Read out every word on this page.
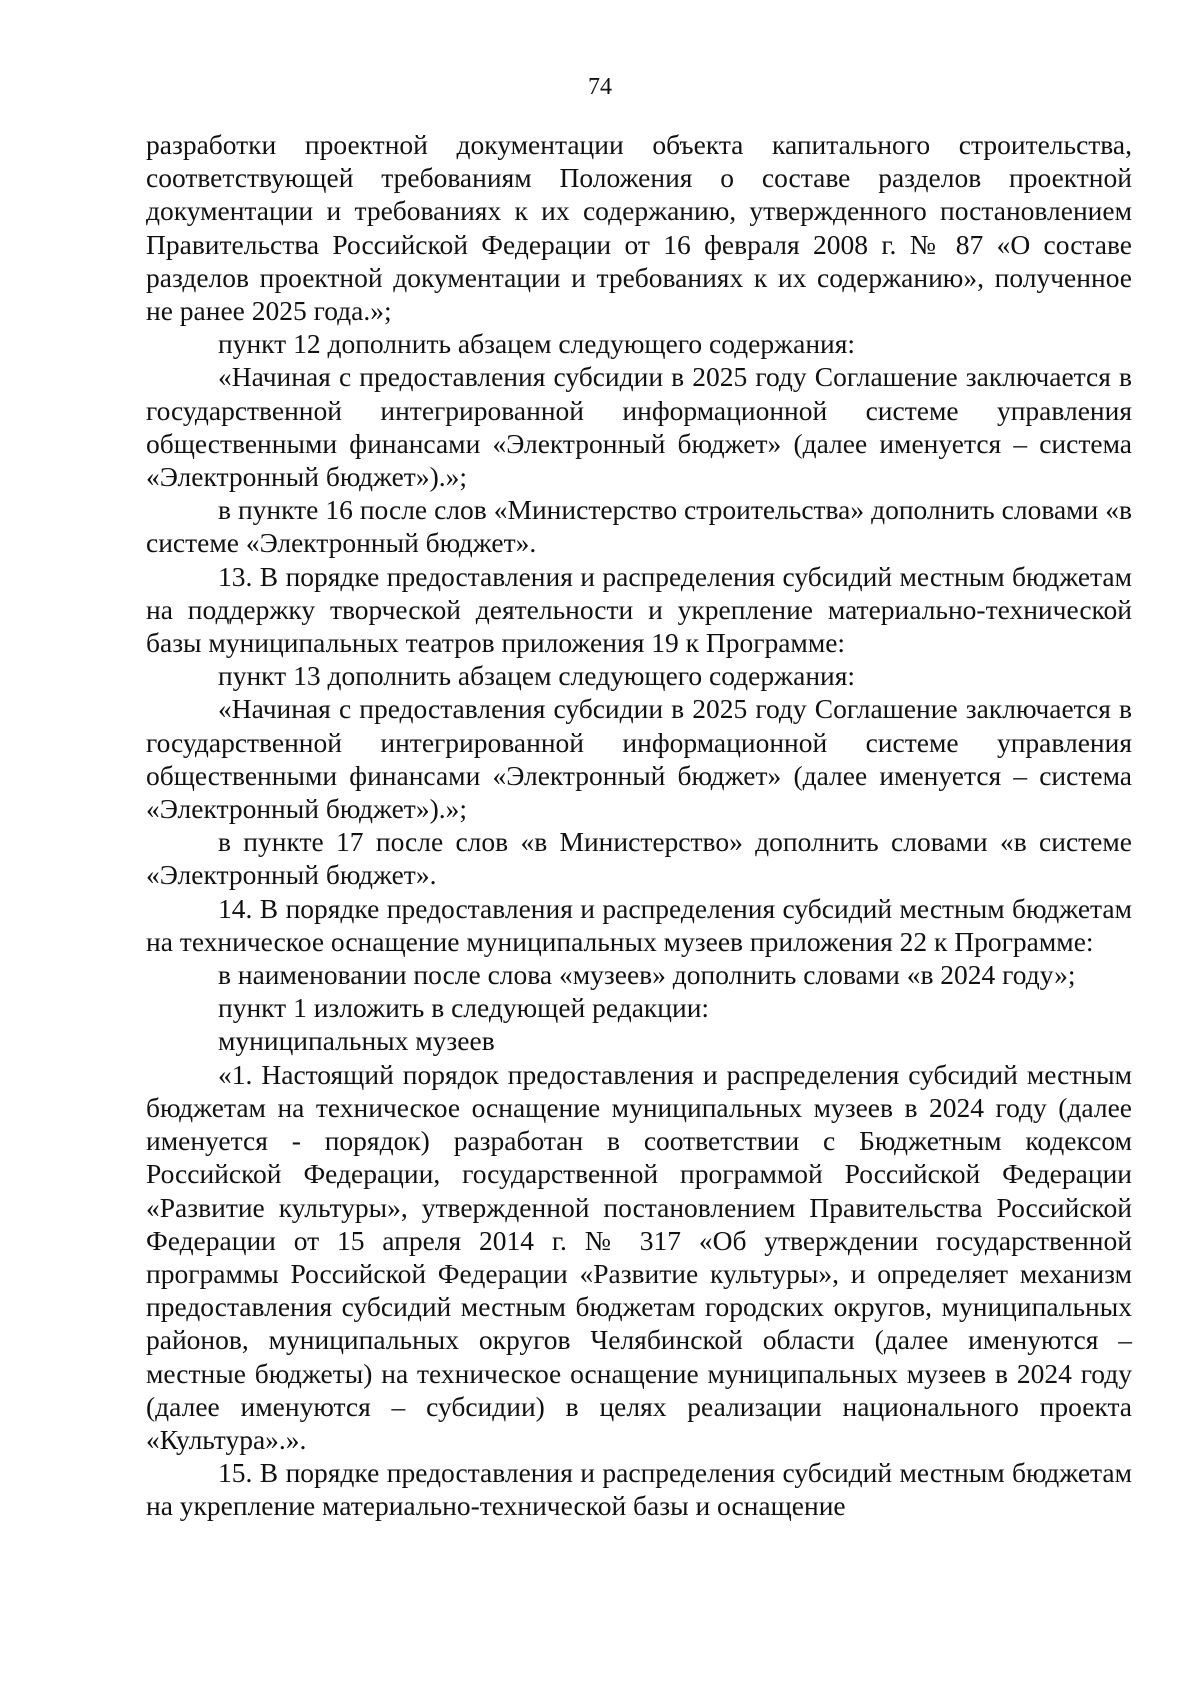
74

разработки проектной документации объекта капитального строительства, соответствующей требованиям Положения о составе разделов проектной документации и требованиях к их содержанию, утвержденного постановлением Правительства Российской Федерации от 16 февраля 2008 г. № 87 «О составе разделов проектной документации и требованиях к их содержанию», полученное не ранее 2025 года.»;

пункт 12 дополнить абзацем следующего содержания:

«Начиная с предоставления субсидии в 2025 году Соглашение заключается в государственной интегрированной информационной системе управления общественными финансами «Электронный бюджет» (далее именуется – система «Электронный бюджет»).»;

в пункте 16 после слов «Министерство строительства» дополнить словами «в системе «Электронный бюджет».

13. В порядке предоставления и распределения субсидий местным бюджетам на поддержку творческой деятельности и укрепление материально-технической базы муниципальных театров приложения 19 к Программе:

пункт 13 дополнить абзацем следующего содержания:

«Начиная с предоставления субсидии в 2025 году Соглашение заключается в государственной интегрированной информационной системе управления общественными финансами «Электронный бюджет» (далее именуется – система «Электронный бюджет»).»;

в пункте 17 после слов «в Министерство» дополнить словами «в системе «Электронный бюджет».

14. В порядке предоставления и распределения субсидий местным бюджетам на техническое оснащение муниципальных музеев приложения 22 к Программе:

в наименовании после слова «музеев» дополнить словами «в 2024 году»;

пункт 1 изложить в следующей редакции:

муниципальных музеев

«1. Настоящий порядок предоставления и распределения субсидий местным бюджетам на техническое оснащение муниципальных музеев в 2024 году (далее именуется - порядок) разработан в соответствии с Бюджетным кодексом Российской Федерации, государственной программой Российской Федерации «Развитие культуры», утвержденной постановлением Правительства Российской Федерации от 15 апреля 2014 г. № 317 «Об утверждении государственной программы Российской Федерации «Развитие культуры», и определяет механизм предоставления субсидий местным бюджетам городских округов, муниципальных районов, муниципальных округов Челябинской области (далее именуются – местные бюджеты) на техническое оснащение муниципальных музеев в 2024 году (далее именуются – субсидии) в целях реализации национального проекта «Культура».».

15. В порядке предоставления и распределения субсидий местным бюджетам на укрепление материально-технической базы и оснащение
